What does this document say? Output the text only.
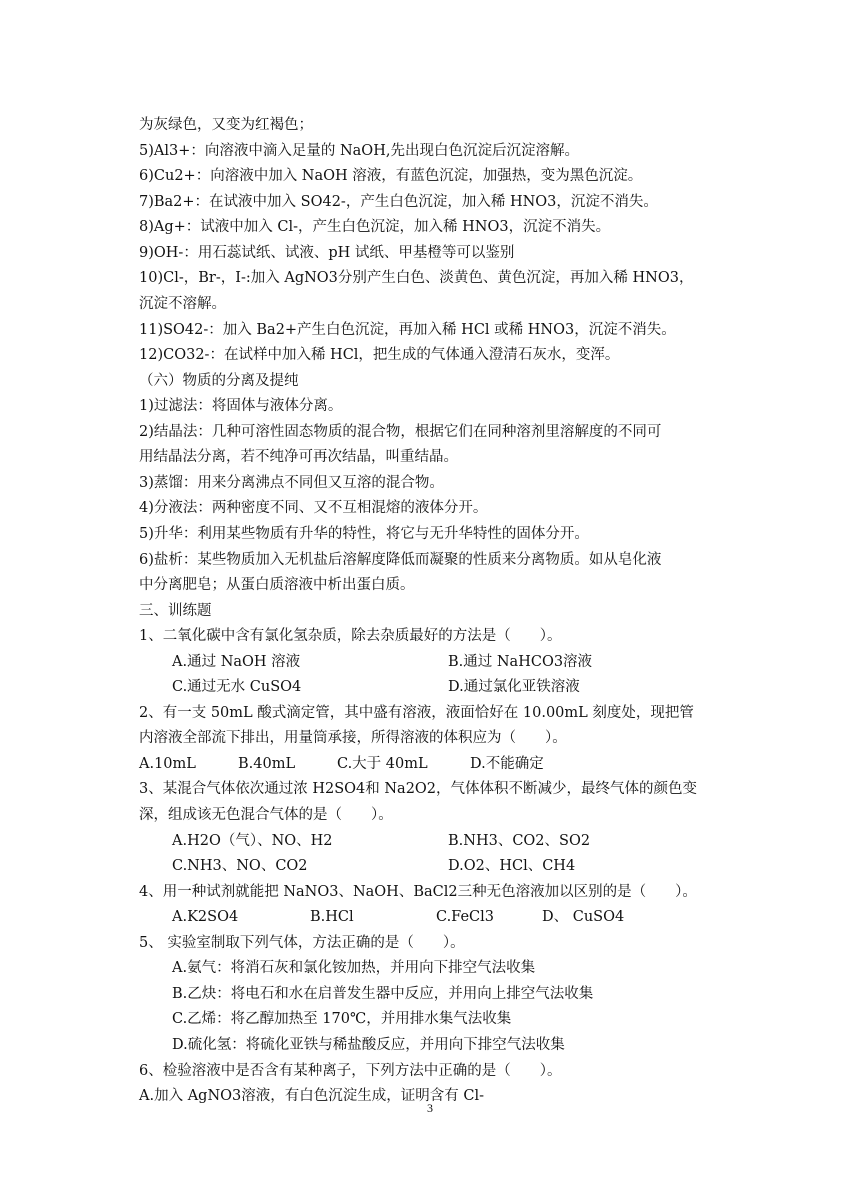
为灰绿色，又变为红褐色；
5)Al3+：向溶液中滴入足量的 NaOH,先出现白色沉淀后沉淀溶解。
6)Cu2+：向溶液中加入 NaOH 溶液，有蓝色沉淀，加强热，变为黑色沉淀。
7)Ba2+：在试液中加入 SO42-，产生白色沉淀，加入稀 HNO3，沉淀不消失。
8)Ag+：试液中加入 Cl-，产生白色沉淀，加入稀 HNO3，沉淀不消失。
9)OH-：用石蕊试纸、试液、pH 试纸、甲基橙等可以鉴别
10)Cl-，Br-，I-:加入 AgNO3分别产生白色、淡黄色、黄色沉淀，再加入稀 HNO3，
沉淀不溶解。
11)SO42-：加入 Ba2+产生白色沉淀，再加入稀 HCl 或稀 HNO3，沉淀不消失。
12)CO32-：在试样中加入稀 HCl，把生成的气体通入澄清石灰水，变浑。
（六）物质的分离及提纯
1)过滤法：将固体与液体分离。
2)结晶法：几种可溶性固态物质的混合物，根据它们在同种溶剂里溶解度的不同可
用结晶法分离，若不纯净可再次结晶，叫重结晶。
3)蒸馏：用来分离沸点不同但又互溶的混合物。
4)分液法：两种密度不同、又不互相混熔的液体分开。
5)升华：利用某些物质有升华的特性，将它与无升华特性的固体分开。
6)盐析：某些物质加入无机盐后溶解度降低而凝聚的性质来分离物质。如从皂化液
中分离肥皂；从蛋白质溶液中析出蛋白质。
三、训练题
1、二氧化碳中含有氯化氢杂质，除去杂质最好的方法是（　　）。
A.通过 NaOH 溶液	B.通过 NaHCO3溶液
C.通过无水 CuSO4	D.通过氯化亚铁溶液
2、有一支 50mL 酸式滴定管，其中盛有溶液，液面恰好在 10.00mL 刻度处，现把管
内溶液全部流下排出，用量筒承接，所得溶液的体积应为（　　）。
A.10mL	B.40mL	C.大于 40mL	D.不能确定
3、某混合气体依次通过浓 H2SO4和 Na2O2，气体体积不断减少，最终气体的颜色变
深，组成该无色混合气体的是（　　）。
A.H2O（气）、NO、H2	B.NH3、CO2、SO2
C.NH3、NO、CO2	D.O2、HCl、CH4
4、用一种试剂就能把 NaNO3、NaOH、BaCl2三种无色溶液加以区别的是（　　）。
A.K2SO4	B.HCl	C.FeCl3	D、 CuSO4
5、 实验室制取下列气体，方法正确的是（　　）。
A.氨气：将消石灰和氯化铵加热，并用向下排空气法收集
B.乙炔：将电石和水在启普发生器中反应，并用向上排空气法收集
C.乙烯：将乙醇加热至 170℃，并用排水集气法收集
D.硫化氢：将硫化亚铁与稀盐酸反应，并用向下排空气法收集
6、检验溶液中是否含有某种离子，下列方法中正确的是（　　）。
A.加入 AgNO3溶液，有白色沉淀生成，证明含有 Cl-
3
